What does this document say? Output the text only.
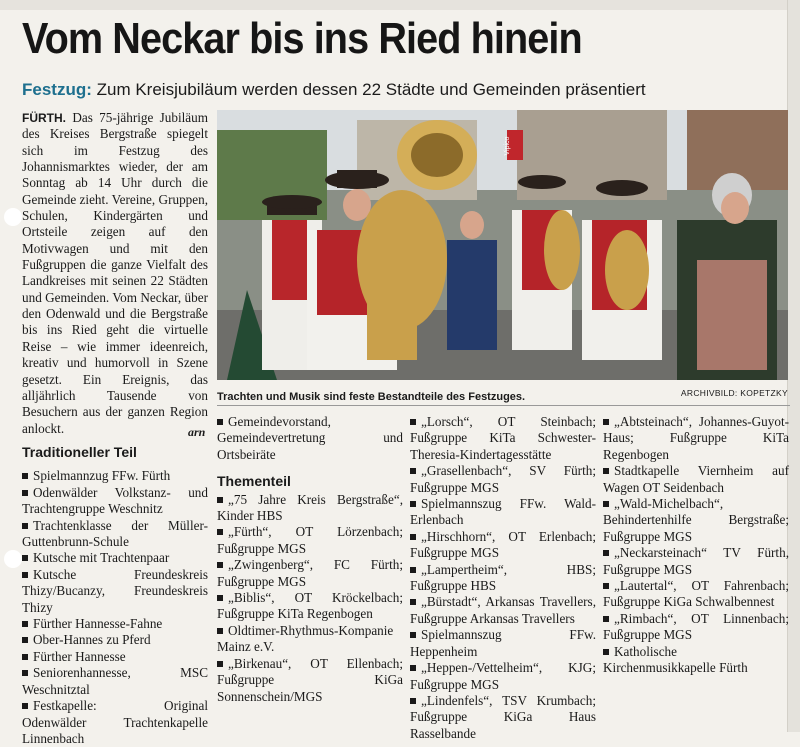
Vom Neckar bis ins Ried hinein

Festzug: Zum Kreisjubiläum werden dessen 22 Städte und Gemeinden präsentiert

FÜRTH. Das 75-jährige Jubiläum des Kreises Bergstraße spiegelt sich im Festzug des Johannismarktes wieder, der am Sonntag ab 14 Uhr durch die Gemeinde zieht. Vereine, Gruppen, Schulen, Kindergärten und Ortsteile zeigen auf den Motivwagen und mit den Fußgruppen die ganze Vielfalt des Landkreises mit seinen 22 Städten und Gemeinden. Vom Neckar, über den Odenwald und die Bergstraße bis ins Ried geht die virtuelle Reise – wie immer ideenreich, kreativ und humorvoll in Szene gesetzt. Ein Ereignis, das alljährlich Tausende von Besuchern aus der ganzen Region anlockt.	arn
Vipico
Trachten und Musik sind feste Bestandteile des Festzuges.	ARCHIVBILD: KOPETZKY
Traditioneller Teil
Spielmannzug FFw. Fürth
Odenwälder Volkstanz- und Trachtengruppe Weschnitz
Trachtenklasse der Müller-Guttenbrunn-Schule
Kutsche mit Trachtenpaar
Kutsche Freundeskreis Thizy/Bucanzy, Freundeskreis Thizy
Fürther Hannesse-Fahne
Ober-Hannes zu Pferd
Fürther Hannesse
Seniorenhannesse, MSC Weschnitztal
Festkapelle: Original Odenwälder Trachtenkapelle Linnenbach
Gemeindevorstand, Gemeindevertretung und Ortsbeiräte
Thementeil
„75 Jahre Kreis Bergstraße“, Kinder HBS
„Fürth“, OT Lörzenbach; Fußgruppe MGS
„Zwingenberg“, FC Fürth; Fußgruppe MGS
„Biblis“, OT Kröckelbach; Fußgruppe KiTa Regenbogen
Oldtimer-Rhythmus-Kompanie Mainz e.V.
„Birkenau“, OT Ellenbach; Fußgruppe KiGa Sonnenschein/MGS
„Lorsch“, OT Steinbach; Fußgruppe KiTa Schwester-Theresia-Kindertagesstätte
„Grasellenbach“, SV Fürth; Fußgruppe MGS
Spielmannszug FFw. Wald-Erlenbach
„Hirschhorn“, OT Erlenbach; Fußgruppe MGS
„Lampertheim“, HBS; Fußgruppe HBS
„Bürstadt“, Arkansas Travellers, Fußgruppe Arkansas Travellers
Spielmannszug FFw. Heppenheim
„Heppen-/Vettelheim“, KJG; Fußgruppe MGS
„Lindenfels“, TSV Krumbach; Fußgruppe KiGa Haus Rasselbande
„Abtsteinach“, Johannes-Guyot-Haus; Fußgruppe KiTa Regenbogen
Stadtkapelle Viernheim auf Wagen OT Seidenbach
„Wald-Michelbach“, Behindertenhilfe Bergstraße; Fußgruppe MGS
„Neckarsteinach“ TV Fürth, Fußgruppe MGS
„Lautertal“, OT Fahrenbach; Fußgruppe KiGa Schwalbennest
„Rimbach“, OT Linnenbach; Fußgruppe MGS
Katholische Kirchenmusikkapelle Fürth
